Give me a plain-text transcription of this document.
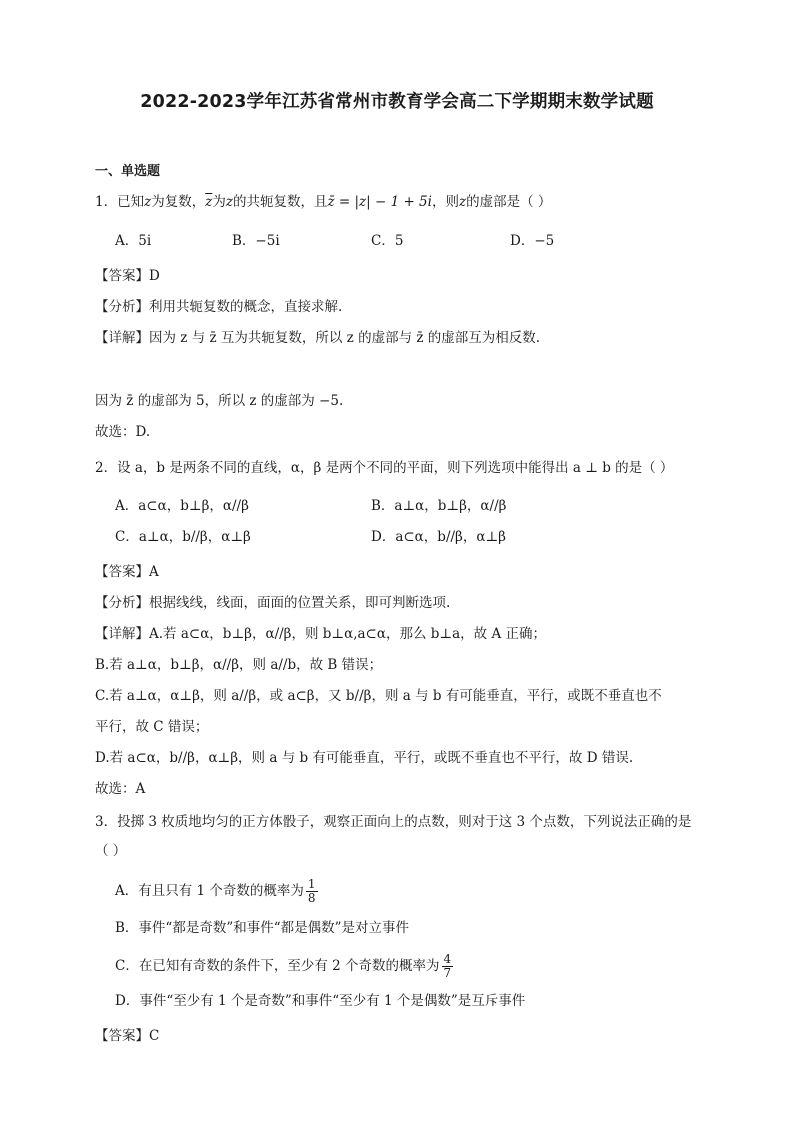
2022-2023学年江苏省常州市教育学会高二下学期期末数学试题
一、单选题
1．已知z为复数，$\overline{z}$为z的共轭复数，且z̄ = |z| − 1 + 5i，则z的虚部是（ ）
A．5i	B．−5i	C．5	D．−5
【答案】D
【分析】利用共轭复数的概念，直接求解.
【详解】因为 z 与 z̄ 互为共轭复数，所以 z 的虚部与 z̄ 的虚部互为相反数.
因为 z̄ 的虚部为 5，所以 z 的虚部为 −5.
故选：D.
2．设 a，b 是两条不同的直线，α，β 是两个不同的平面，则下列选项中能得出 a ⊥ b 的是（ ）
A．a⊂α，b⊥β，α//β	B．a⊥α，b⊥β，α//β
C．a⊥α，b//β，α⊥β	D．a⊂α，b//β，α⊥β
【答案】A
【分析】根据线线，线面，面面的位置关系，即可判断选项.
【详解】A.若 a⊂α，b⊥β，α//β，则 b⊥α,a⊂α，那么 b⊥a，故 A 正确；
B.若 a⊥α，b⊥β，α//β，则 a//b，故 B 错误；
C.若 a⊥α，α⊥β，则 a//β，或 a⊂β，又 b//β，则 a 与 b 有可能垂直，平行，或既不垂直也不
平行，故 C 错误；
D.若 a⊂α，b//β，α⊥β，则 a 与 b 有可能垂直，平行，或既不垂直也不平行，故 D 错误.
故选：A
3．投掷 3 枚质地均匀的正方体骰子，观察正面向上的点数，则对于这 3 个点数，下列说法正确的是
（ ）
A．有且只有 1 个奇数的概率为 $\frac{1}{8}$
B．事件“都是奇数”和事件“都是偶数”是对立事件
C．在已知有奇数的条件下，至少有 2 个奇数的概率为 $\frac{4}{7}$
D．事件“至少有 1 个是奇数”和事件“至少有 1 个是偶数”是互斥事件
【答案】C
